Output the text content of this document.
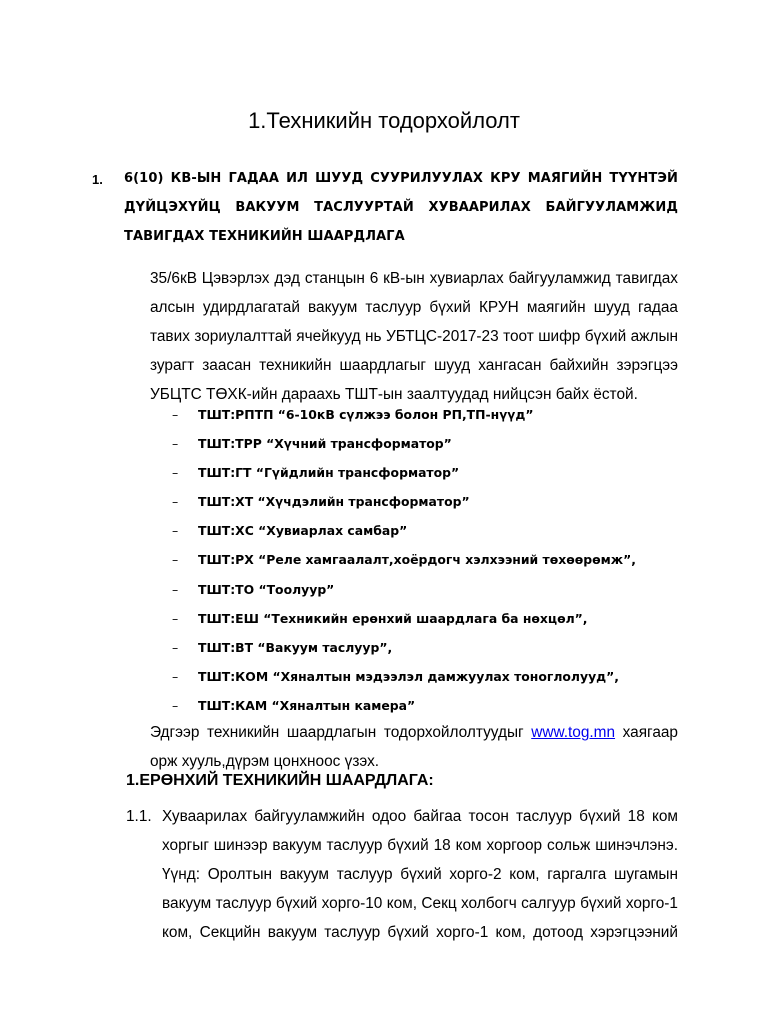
1.Техникийн тодорхойлолт
1. 6(10) КВ-ЫН ГАДАА ИЛ ШУУД СУУРИЛУУЛАХ КРУ МАЯГИЙН ТҮҮНТЭЙ ДҮЙЦЭХҮЙЦ ВАКУУМ ТАСЛУУРТАЙ ХУВААРИЛАХ БАЙГУУЛАМЖИД ТАВИГДАХ ТЕХНИКИЙН ШААРДЛАГА
35/6кВ Цэвэрлэх дэд станцын 6 кВ-ын хувиарлах байгууламжид тавигдах алсын удирдлагатай вакуум таслуур бүхий КРУН маягийн шууд гадаа тавих зориулалттай ячейкууд нь УБТЦС-2017-23 тоот шифр бүхий ажлын зурагт заасан техникийн шаардлагыг шууд хангасан байхийн зэрэгцээ УБЦТС ТӨХК-ийн дараахь ТШТ-ын заалтуудад нийцсэн байх ёстой.
– ТШТ:РПТП “6-10кВ сүлжээ болон РП,ТП-нүүд”
– ТШТ:ТРР “Хүчний трансформатор”
– ТШТ:ГТ “Гүйдлийн трансформатор”
– ТШТ:ХТ “Хүчдэлийн трансформатор”
– ТШТ:ХС “Хувиарлах самбар”
– ТШТ:РХ “Реле хамгаалалт,хоёрдогч хэлхээний төхөөрөмж”,
– ТШТ:ТО “Тоолуур”
– ТШТ:ЕШ “Техникийн ерөнхий шаардлага ба нөхцөл”,
– ТШТ:ВТ “Вакуум таслуур”,
– ТШТ:КОМ “Хяналтын мэдээлэл дамжуулах тоноглолууд”,
– ТШТ:КАМ “Хяналтын камера”
Эдгээр техникийн шаардлагын тодорхойлолтуудыг www.tog.mn хаягаар орж хууль,дүрэм цонхноос үзэх.
1.ЕРӨНХИЙ ТЕХНИКИЙН ШААРДЛАГА:
1.1. Хуваарилах байгууламжийн одоо байгаа тосон таслуур бүхий 18 ком хоргыг шинээр вакуум таслуур бүхий 18 ком хоргоор сольж шинэчлэнэ. Үүнд: Оролтын вакуум таслуур бүхий хорго-2 ком, гаргалга шугамын вакуум таслуур бүхий хорго-10 ком, Секц холбогч салгуур бүхий хорго-1 ком, Секцийн вакуум таслуур бүхий хорго-1 ком, дотоод хэрэгцээний
